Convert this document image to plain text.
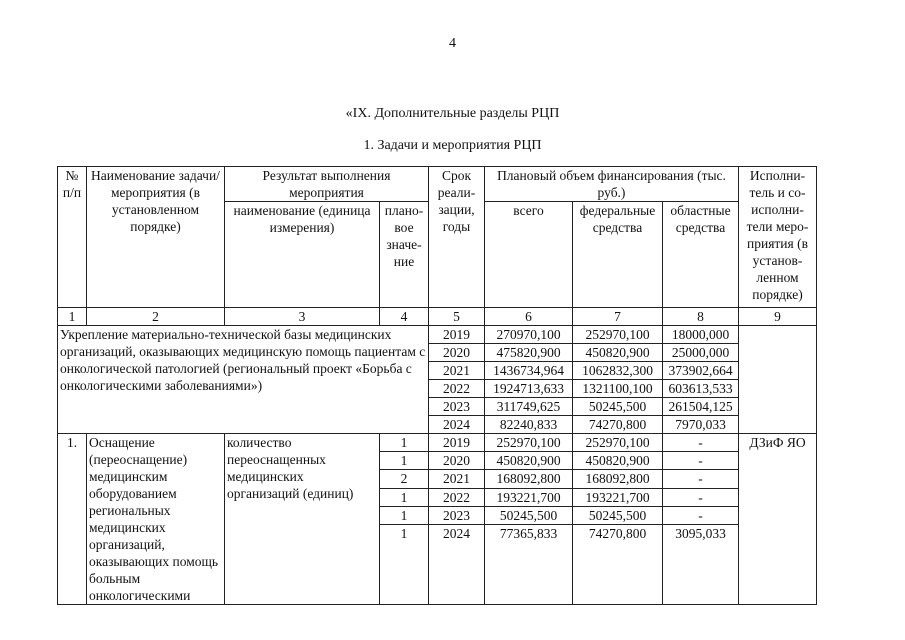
4
«IX. Дополнительные разделы РЦП
1. Задачи и мероприятия РЦП
№ п/п	Наименование задачи/мероприятия (в установленном порядке)	Результат выполнения мероприятия		Срок реали-зации, годы	Плановый объем финансирования (тыс. руб.)			Исполни-тель и со-исполни-тели меро-приятия (в установ-ленном порядке)
		наименование (единица измерения)	плано-вое значе-ние		всего	федеральные средства	областные средства	
1	2	3	4	5	6	7	8	9
Укрепление материально-технической базы медицинских организаций, оказывающих медицинскую помощь пациентам с онкологической патологией (региональный проект «Борьба с онкологическими заболеваниями»)				2019	270970,100	252970,100	18000,000	
				2020	475820,900	450820,900	25000,000	
				2021	1436734,964	1062832,300	373902,664	
				2022	1924713,633	1321100,100	603613,533	
				2023	311749,625	50245,500	261504,125	
				2024	82240,833	74270,800	7970,033	
1.	Оснащение (переоснащение) медицинским оборудованием региональных медицинских организаций, оказывающих помощь больным онкологическими	количество переоснащенных медицинских организаций (единиц)	1	2019	252970,100	252970,100	-	ДЗиФ ЯО
			1	2020	450820,900	450820,900	-	
			2	2021	168092,800	168092,800	-	
			1	2022	193221,700	193221,700	-	
			1	2023	50245,500	50245,500	-	
			1	2024	77365,833	74270,800	3095,033	
